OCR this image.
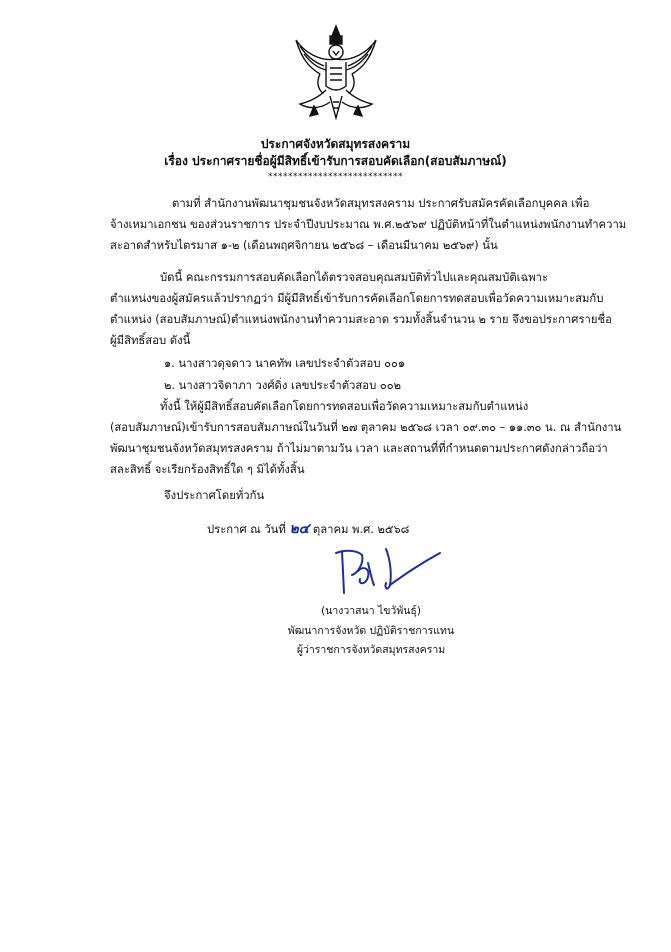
ประกาศจังหวัดสมุทรสงคราม
เรื่อง ประกาศรายชื่อผู้มีสิทธิ์เข้ารับการสอบคัดเลือก(สอบสัมภาษณ์)
***************************
ตามที่ สำนักงานพัฒนาชุมชนจังหวัดสมุทรสงคราม ประกาศรับสมัครคัดเลือกบุคคล เพื่อ
จ้างเหมาเอกชน ของส่วนราชการ ประจำปีงบประมาณ พ.ศ.๒๕๖๙ ปฏิบัติหน้าที่ในตำแหน่งพนักงานทำความ
สะอาดสำหรับไตรมาส ๑-๒ (เดือนพฤศจิกายน ๒๕๖๘ – เดือนมีนาคม ๒๕๖๙) นั้น
บัดนี้ คณะกรรมการสอบคัดเลือกได้ตรวจสอบคุณสมบัติทั่วไปและคุณสมบัติเฉพาะ
ตำแหน่งของผู้สมัครแล้วปรากฏว่า มีผู้มีสิทธิ์เข้ารับการคัดเลือกโดยการทดสอบเพื่อวัดความเหมาะสมกับ
ตำแหน่ง (สอบสัมภาษณ์)ตำแหน่งพนักงานทำความสะอาด รวมทั้งสิ้นจำนวน ๒ ราย จึงขอประกาศรายชื่อ
ผู้มีสิทธิ์สอบ ดังนี้
๑. นางสาวดุจดาว นาคทัพ เลขประจำตัวสอบ ๐๐๑
๒. นางสาวจิดาภา วงศ์ดิ่ง เลขประจำตัวสอบ ๐๐๒
ทั้งนี้ ให้ผู้มีสิทธิ์สอบคัดเลือกโดยการทดสอบเพื่อวัดความเหมาะสมกับตำแหน่ง
(สอบสัมภาษณ์)เข้ารับการสอบสัมภาษณ์ในวันที่ ๒๗ ตุลาคม ๒๕๖๘ เวลา ๐๙.๓๐ – ๑๑.๓๐ น. ณ สำนักงาน
พัฒนาชุมชนจังหวัดสมุทรสงคราม ถ้าไม่มาตามวัน เวลา และสถานที่ที่กำหนดตามประกาศดังกล่าวถือว่า
สละสิทธิ์ จะเรียกร้องสิทธิ์ใด ๆ มิได้ทั้งสิ้น
จึงประกาศโดยทั่วกัน
ประกาศ ณ วันที่ ๒๔ ตุลาคม พ.ศ. ๒๕๖๘
(นางวาสนา ไขวัพันธุ์)
พัฒนาการจังหวัด ปฏิบัติราชการแทน
ผู้ว่าราชการจังหวัดสมุทรสงคราม
